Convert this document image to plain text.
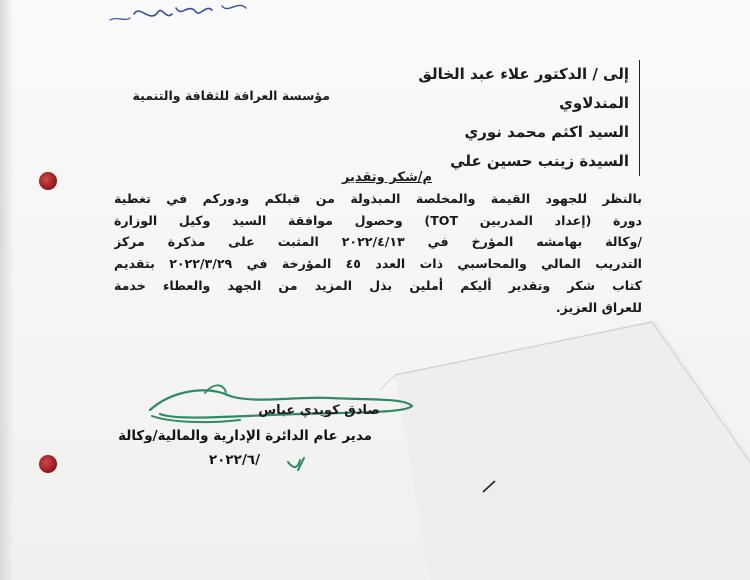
إلى / الدكتور علاء عبد الخالق المندلاوي
السيد اكثم محمد نوري
السيدة زينب حسين علي
مؤسسة العراقة للثقافة والتنمية
م/شكر وتقدير
بالنظر للجهود القيمة والمخلصة المبذولة من قبلكم ودوركم في تغطية
دورة (إعداد المدربين TOT) وحصول موافقة السيد وكيل الوزارة
/وكالة بهامشه المؤرخ في ٢٠٢٢/٤/١٣ المثبت على مذكرة مركز
التدريب المالي والمحاسبي ذات العدد ٤٥ المؤرخة في ٢٠٢٢/٣/٢٩ بتقديم
كتاب شكر وتقدير أليكم أملين بذل المزيد من الجهد والعطاء خدمة
للعراق العزيز.
صادق كويدي عباس
مدير عام الدائرة الإدارية والمالية/وكالة
٢٠٢٢/٦/
